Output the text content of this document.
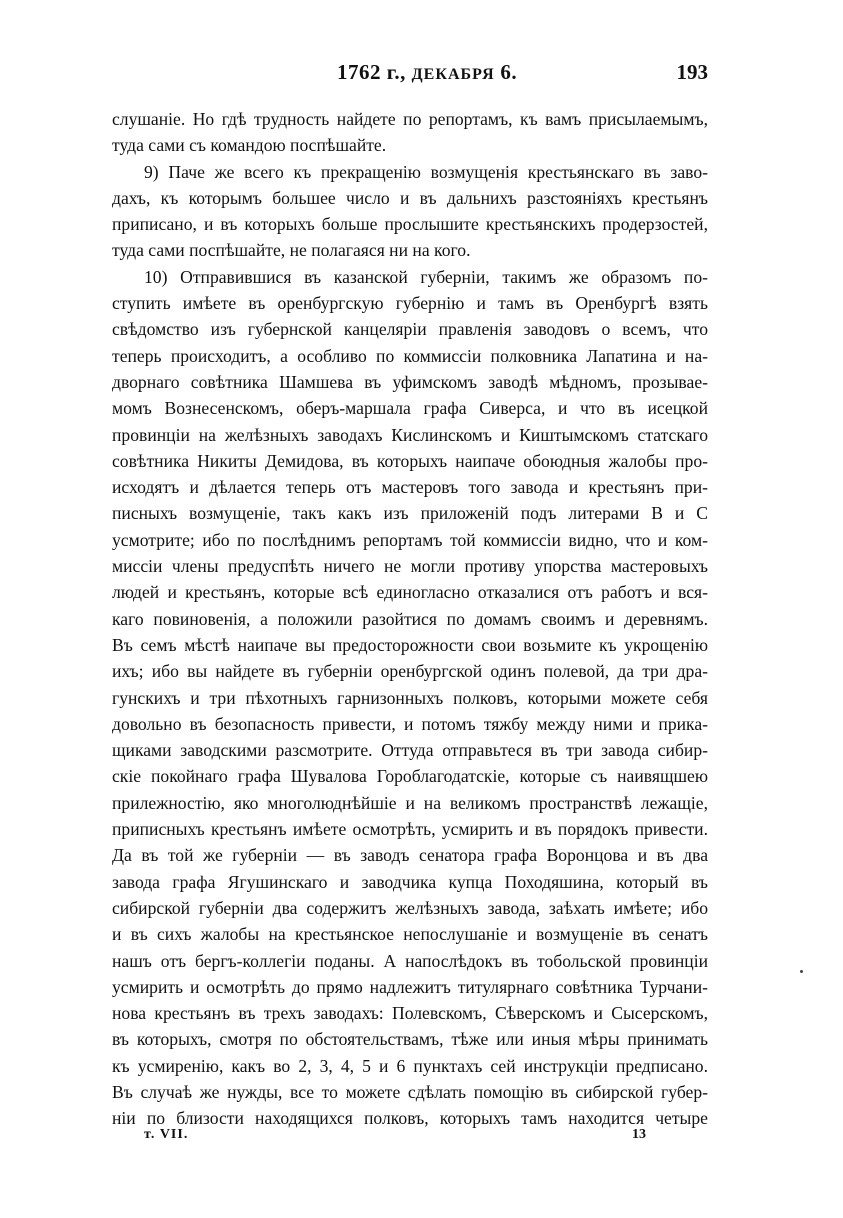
1762 г., ДЕКАБРЯ 6.	193
слушаніе. Но гдѣ трудность найдете по репортамъ, къ вамъ присылаемымъ,
туда сами съ командою поспѣшайте.
9) Паче же всего къ прекращенію возмущенія крестьянскаго въ заво-
дахъ, къ которымъ большее число и въ дальнихъ разстояніяхъ крестьянъ
приписано, и въ которыхъ больше прослышите крестьянскихъ продерзостей,
туда сами поспѣшайте, не полагаяся ни на кого.
10) Отправившися въ казанской губерніи, такимъ же образомъ по-
ступить имѣете въ оренбургскую губернію и тамъ въ Оренбургѣ взять
свѣдомство изъ губернской канцеляріи правленія заводовъ о всемъ, что
теперь происходитъ, а особливо по коммиссіи полковника Лапатина и на-
дворнаго совѣтника Шамшева въ уфимскомъ заводѣ мѣдномъ, прозывае-
момъ Вознесенскомъ, оберъ-маршала графа Сиверса, и что въ исецкой
провинціи на желѣзныхъ заводахъ Кислинскомъ и Киштымскомъ статскаго
совѣтника Никиты Демидова, въ которыхъ наипаче обоюдныя жалобы про-
исходятъ и дѣлается теперь отъ мастеровъ того завода и крестьянъ при-
писныхъ возмущеніе, такъ какъ изъ приложеній подъ литерами B и C
усмотрите; ибо по послѣднимъ репортамъ той коммиссіи видно, что и ком-
миссіи члены предуспѣть ничего не могли противу упорства мастеровыхъ
людей и крестьянъ, которые всѣ единогласно отказалися отъ работъ и вся-
каго повиновенія, а положили разойтися по домамъ своимъ и деревнямъ.
Въ семъ мѣстѣ наипаче вы предосторожности свои возьмите къ укрощенію
ихъ; ибо вы найдете въ губерніи оренбургской одинъ полевой, да три дра-
гунскихъ и три пѣхотныхъ гарнизонныхъ полковъ, которыми можете себя
довольно въ безопасность привести, и потомъ тяжбу между ними и прика-
щиками заводскими разсмотрите. Оттуда отправьтеся въ три завода сибир-
скіе покойнаго графа Шувалова Гороблагодатскіе, которые съ наивящшею
прилежностію, яко многолюднѣйшіе и на великомъ пространствѣ лежащіе,
приписныхъ крестьянъ имѣете осмотрѣть, усмирить и въ порядокъ привести.
Да въ той же губерніи — въ заводъ сенатора графа Воронцова и въ два
завода графа Ягушинскаго и заводчика купца Походяшина, который въ
сибирской губерніи два содержитъ желѣзныхъ завода, заѣхать имѣете; ибо
и въ сихъ жалобы на крестьянское непослушаніе и возмущеніе въ сенатъ
нашъ отъ бергъ-коллегіи поданы. А напослѣдокъ въ тобольской провинціи
усмирить и осмотрѣть до прямо надлежитъ титулярнаго совѣтника Турчани-
нова крестьянъ въ трехъ заводахъ: Полевскомъ, Сѣверскомъ и Сысерскомъ,
въ которыхъ, смотря по обстоятельствамъ, тѣже или иныя мѣры принимать
къ усмиренію, какъ во 2, 3, 4, 5 и 6 пунктахъ сей инструкціи предписано.
Въ случаѣ же нужды, все то можете сдѣлать помощію въ сибирской губер-
ніи по близости находящихся полковъ, которыхъ тамъ находится четыре
т. VII.	13
